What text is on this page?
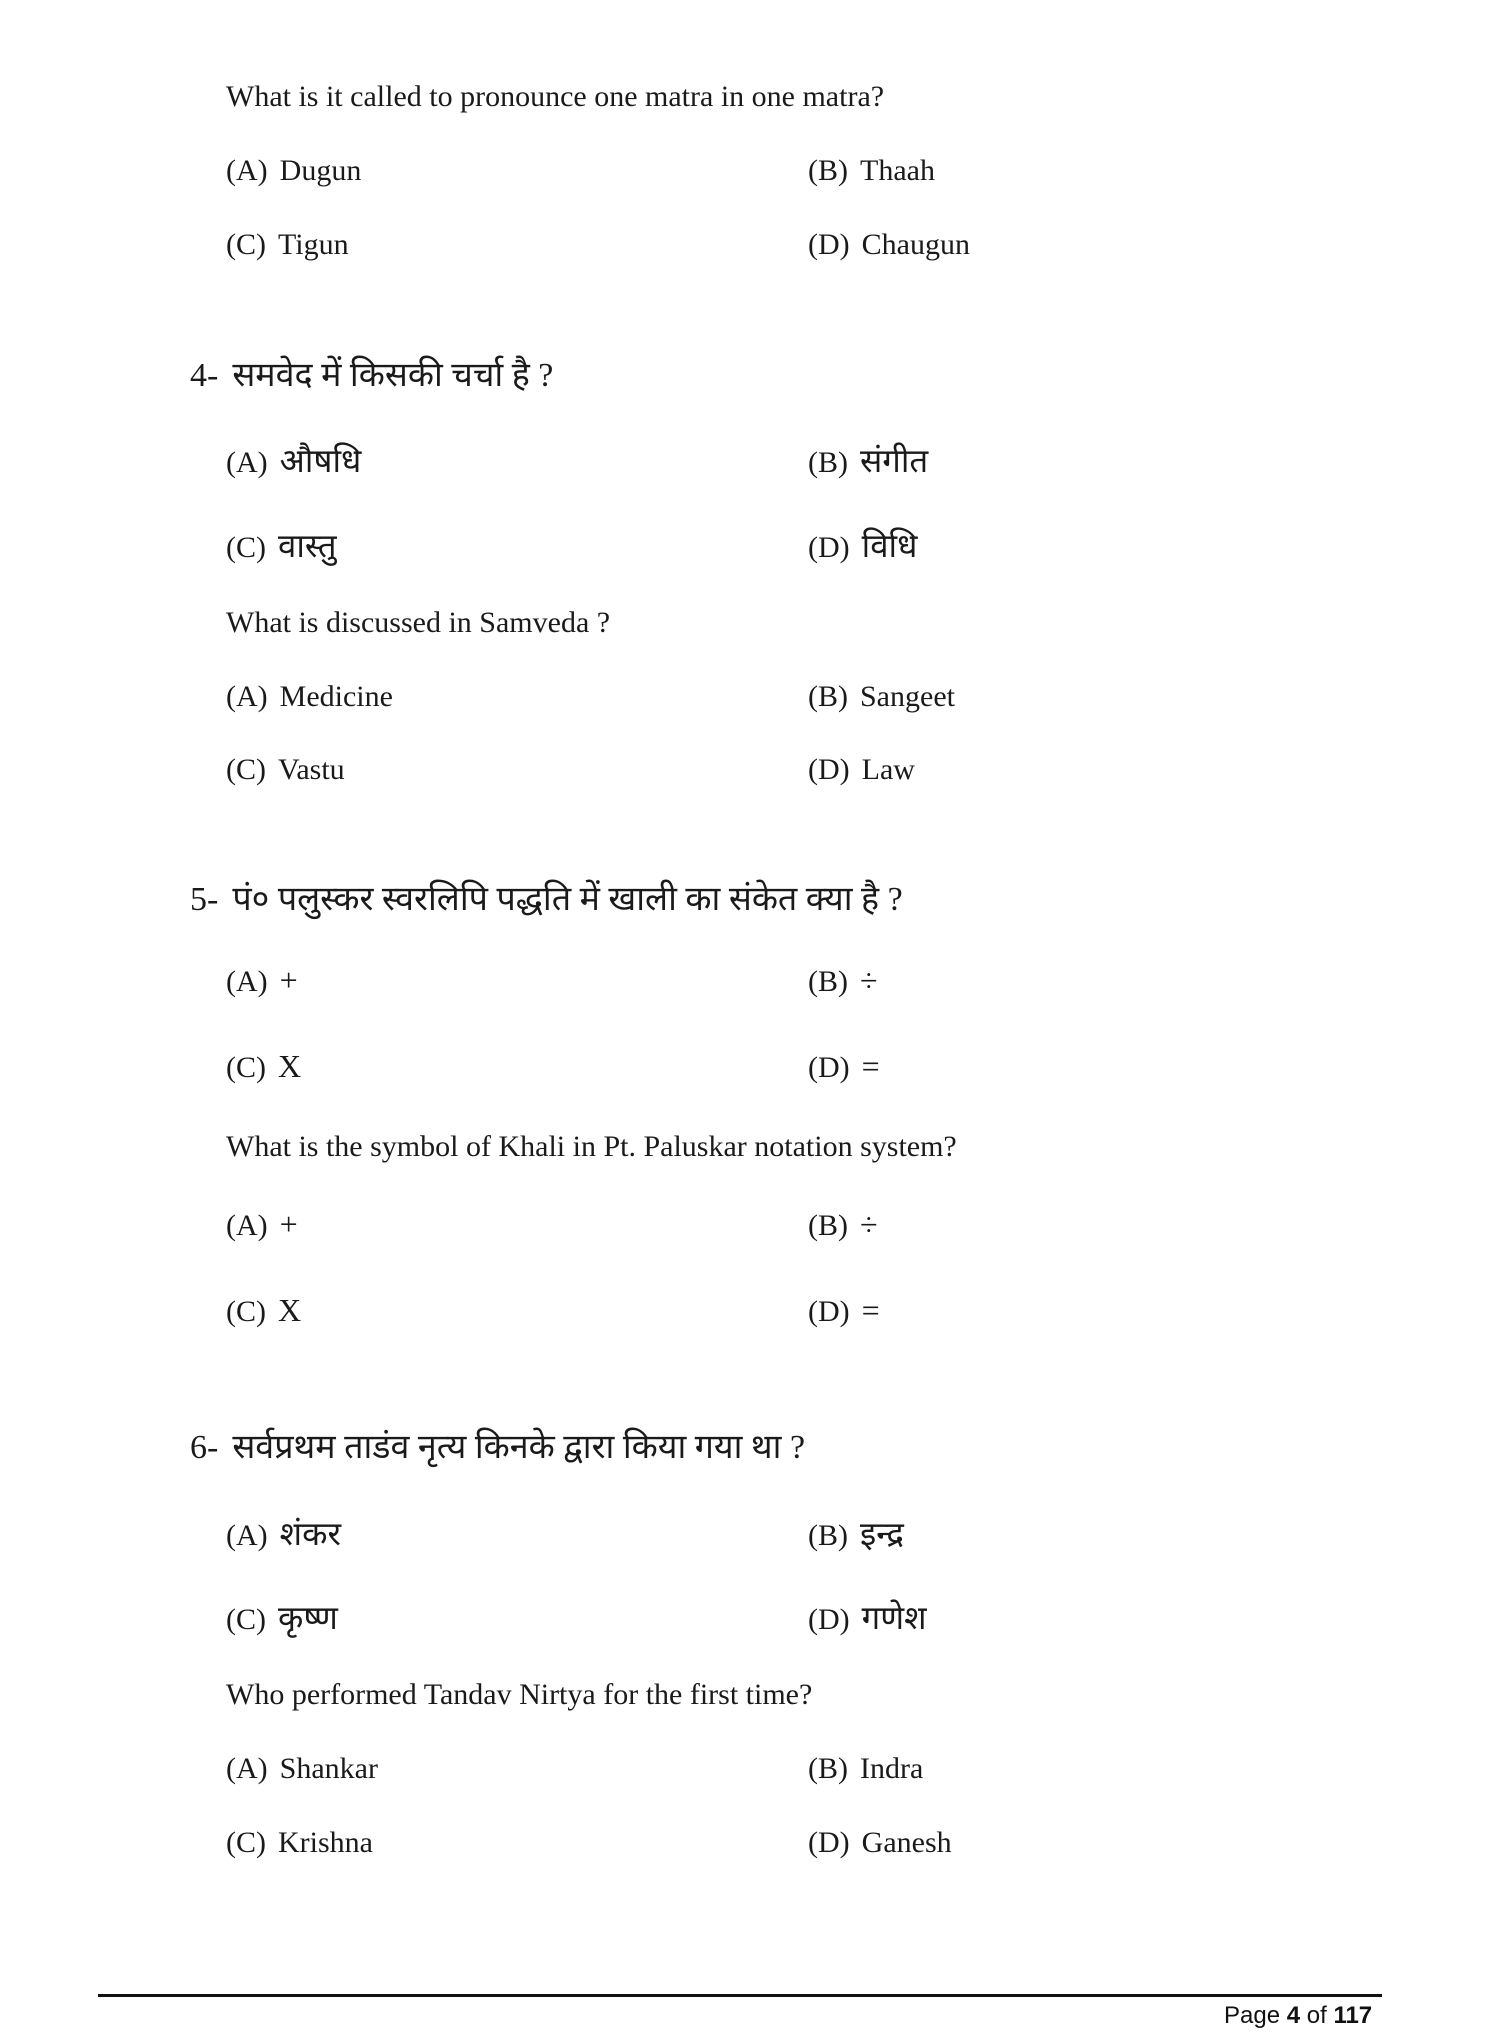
What is it called to pronounce one matra in one matra?
(A) Dugun	(B) Thaah
(C) Tigun	(D) Chaugun
4- समवेद में किसकी चर्चा है ?
(A) औषधि	(B) संगीत
(C) वास्तु	(D) विधि
What is discussed in Samveda ?
(A) Medicine	(B) Sangeet
(C) Vastu	(D) Law
5- पं० पलुस्कर स्वरलिपि पद्धति में खाली का संकेत क्या है ?
(A) +	(B) ÷
(C) X	(D) =
What is the symbol of Khali in Pt. Paluskar notation system?
(A) +	(B) ÷
(C) X	(D) =
6- सर्वप्रथम ताडंव नृत्य किनके द्वारा किया गया था ?
(A) शंकर	(B) इन्द्र
(C) कृष्ण	(D) गणेश
Who performed Tandav Nirtya for the first time?
(A) Shankar	(B) Indra
(C) Krishna	(D) Ganesh
Page 4 of 117
